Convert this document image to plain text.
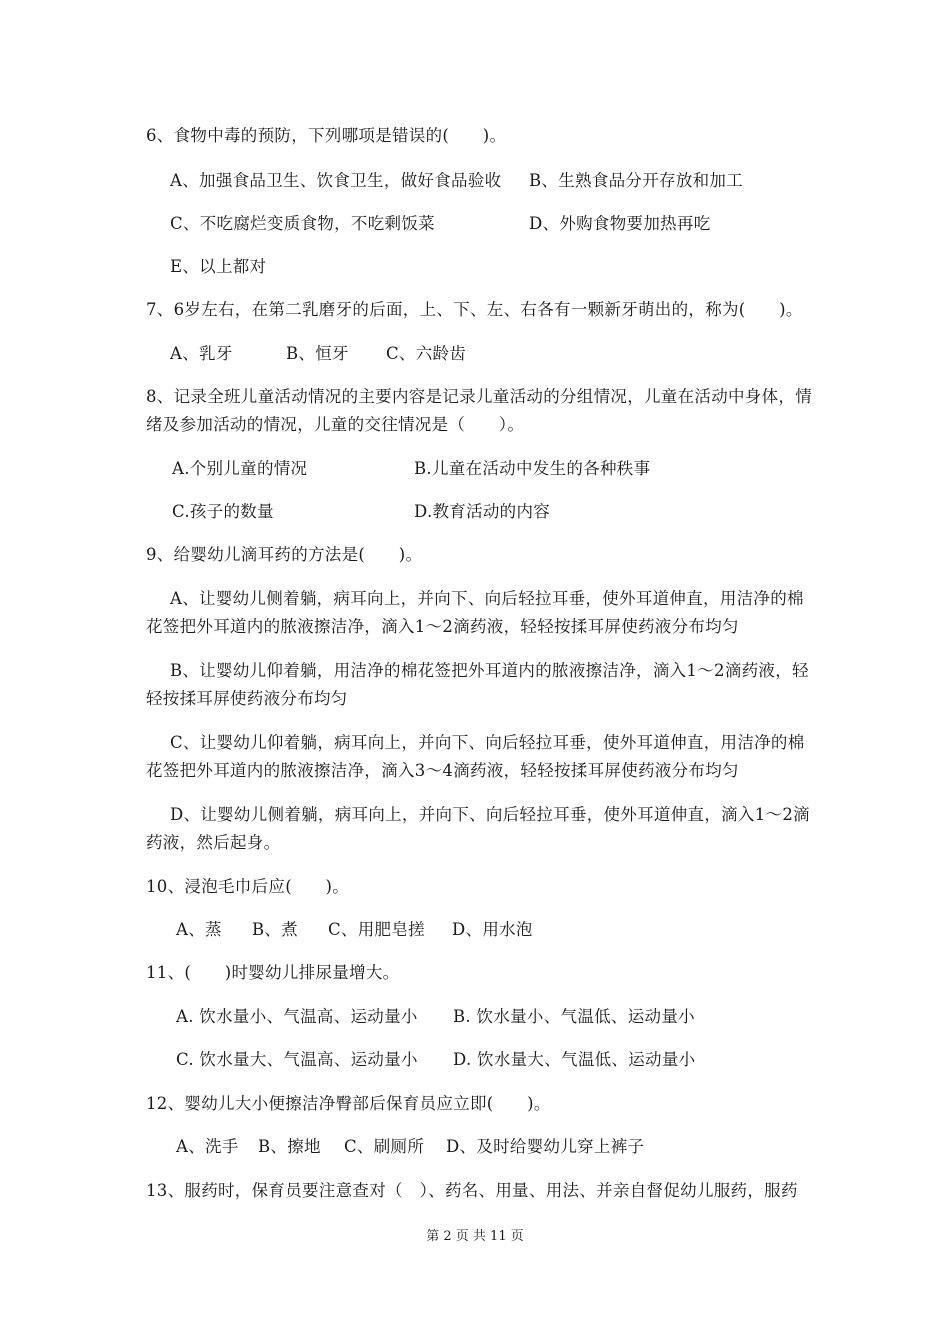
6、食物中毒的预防，下列哪项是错误的(　　)。
A、加强食品卫生、饮食卫生，做好食品验收 B、生熟食品分开存放和加工
C、不吃腐烂变质食物，不吃剩饭菜	D、外购食物要加热再吃
E、以上都对
7、6岁左右，在第二乳磨牙的后面，上、下、左、右各有一颗新牙萌出的，称为(　　)。
A、乳牙	B、恒牙 C、六龄齿
8、记录全班儿童活动情况的主要内容是记录儿童活动的分组情况，儿童在活动中身体，情
绪及参加活动的情况，儿童的交往情况是（　　）。
A.个别儿童的情况	B.儿童在活动中发生的各种秩事
C.孩子的数量	D.教育活动的内容
9、给婴幼儿滴耳药的方法是(　　)。
A、让婴幼儿侧着躺，病耳向上，并向下、向后轻拉耳垂，使外耳道伸直，用洁净的棉
花签把外耳道内的脓液擦洁净，滴入1～2滴药液，轻轻按揉耳屏使药液分布均匀
B、让婴幼儿仰着躺，用洁净的棉花签把外耳道内的脓液擦洁净，滴入1～2滴药液，轻
轻按揉耳屏使药液分布均匀
C、让婴幼儿仰着躺，病耳向上，并向下、向后轻拉耳垂，使外耳道伸直，用洁净的棉
花签把外耳道内的脓液擦洁净，滴入3～4滴药液，轻轻按揉耳屏使药液分布均匀
D、让婴幼儿侧着躺，病耳向上，并向下、向后轻拉耳垂，使外耳道伸直，滴入1～2滴
药液，然后起身。
10、浸泡毛巾后应(　　)。
A、蒸 B、煮 C、用肥皂搓 D、用水泡
11、(　　)时婴幼儿排尿量增大。
A. 饮水量小、气温高、运动量小 B. 饮水量小、气温低、运动量小
C. 饮水量大、气温高、运动量小 D. 饮水量大、气温低、运动量小
12、婴幼儿大小便擦洁净臀部后保育员应立即(　　)。
A、洗手 B、擦地 C、刷厕所 D、及时给婴幼儿穿上裤子
13、服药时，保育员要注意查对（　）、药名、用量、用法、并亲自督促幼儿服药，服药
第 2 页 共 11 页
